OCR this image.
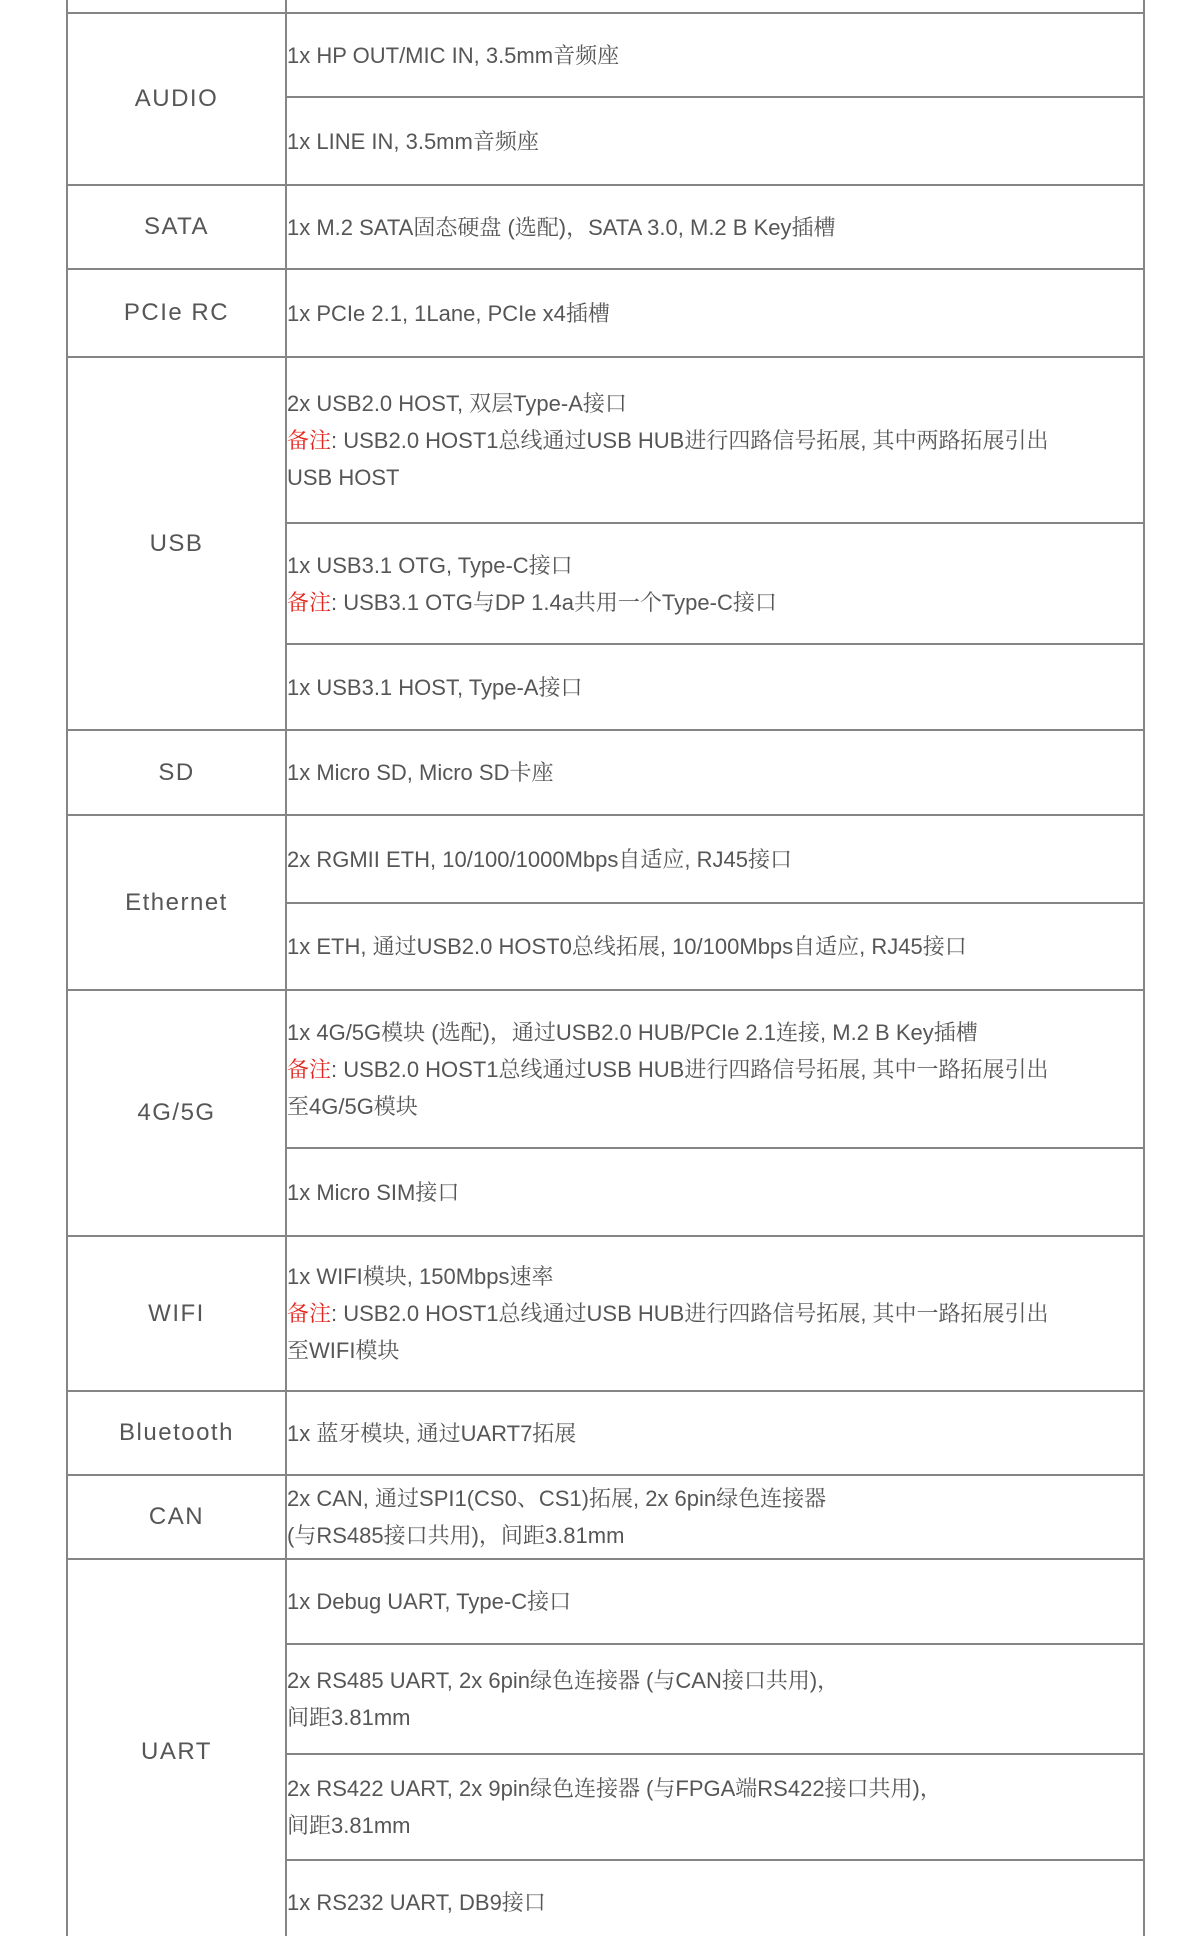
AUDIO	1x HP OUT/MIC IN, 3.5mm音频座

	1x LINE IN, 3.5mm音频座

SATA	1x M.2 SATA固态硬盘 (选配)，SATA 3.0, M.2 B Key插槽

PCIe RC	1x PCIe 2.1, 1Lane, PCIe x4插槽

USB	2x USB2.0 HOST, 双层Type-A接口
备注: USB2.0 HOST1总线通过USB HUB进行四路信号拓展, 其中两路拓展引出
USB HOST

	1x USB3.1 OTG, Type-C接口
备注: USB3.1 OTG与DP 1.4a共用一个Type-C接口

	1x USB3.1 HOST, Type-A接口

SD	1x Micro SD, Micro SD卡座

Ethernet	2x RGMII ETH, 10/100/1000Mbps自适应, RJ45接口

	1x ETH, 通过USB2.0 HOST0总线拓展, 10/100Mbps自适应, RJ45接口

4G/5G	1x 4G/5G模块 (选配)，通过USB2.0 HUB/PCIe 2.1连接, M.2 B Key插槽
备注: USB2.0 HOST1总线通过USB HUB进行四路信号拓展, 其中一路拓展引出
至4G/5G模块

	1x Micro SIM接口

WIFI	1x WIFI模块, 150Mbps速率
备注: USB2.0 HOST1总线通过USB HUB进行四路信号拓展, 其中一路拓展引出
至WIFI模块

Bluetooth	1x 蓝牙模块, 通过UART7拓展

CAN	2x CAN, 通过SPI1(CS0、CS1)拓展, 2x 6pin绿色连接器
(与RS485接口共用)，间距3.81mm

UART	1x Debug UART, Type-C接口

	2x RS485 UART, 2x 6pin绿色连接器 (与CAN接口共用)，
间距3.81mm

	2x RS422 UART, 2x 9pin绿色连接器 (与FPGA端RS422接口共用)，
间距3.81mm

	1x RS232 UART, DB9接口
